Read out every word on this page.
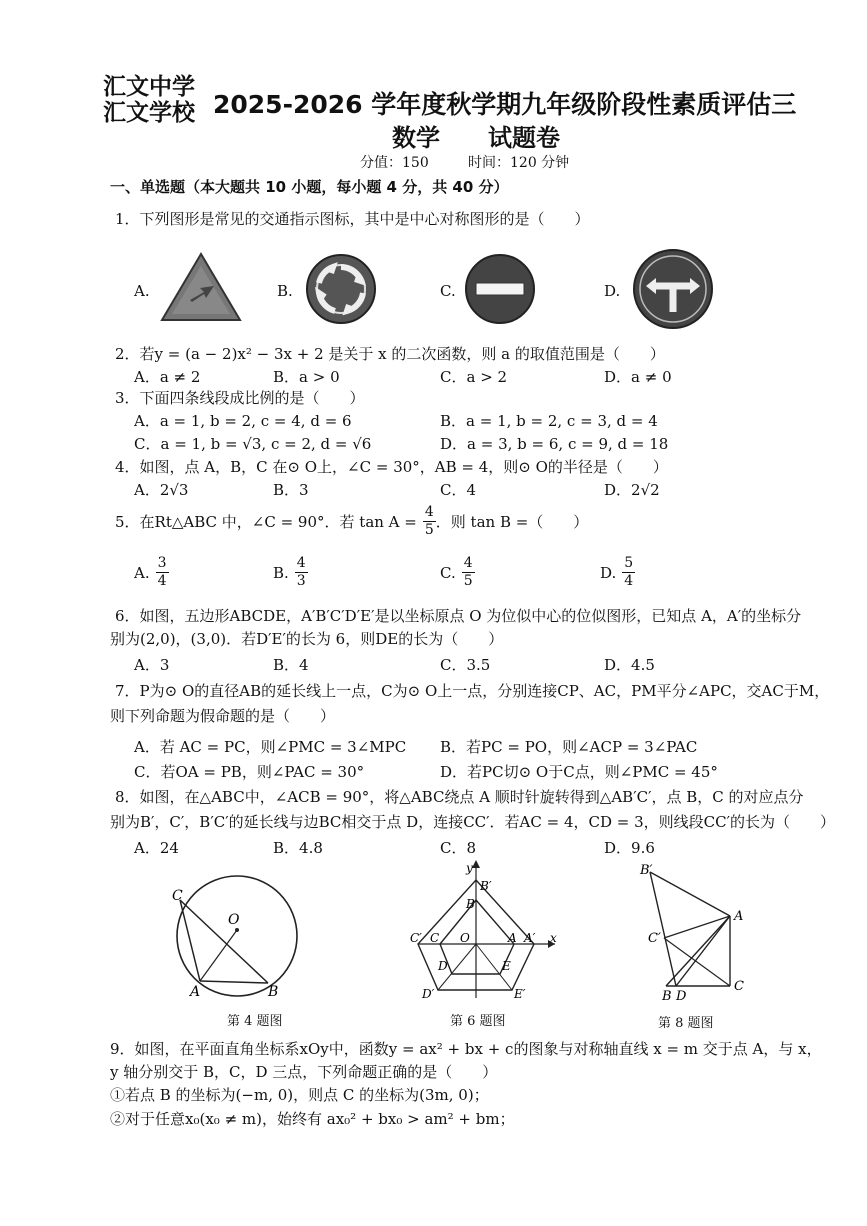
汇文中学
汇文学校 2025-2026 学年度秋学期九年级阶段性素质评估三
数学 试题卷
分值：150	时间：120 分钟
一、单选题（本大题共 10 小题，每小题 4 分，共 40 分）
1．下列图形是常见的交通指示图标，其中是中心对称图形的是（　　）
A.	B.	C.	D.
2．若y = (a − 2)x² − 3x + 2 是关于 x 的二次函数，则 a 的取值范围是（　　）
A．a ≠ 2	B．a > 0	C．a > 2	D．a ≠ 0
3．下面四条线段成比例的是（　　）
A．a = 1, b = 2, c = 4, d = 6	B．a = 1, b = 2, c = 3, d = 4
C．a = 1, b = √3, c = 2, d = √6	D．a = 3, b = 6, c = 9, d = 18
4．如图，点 A，B，C 在⊙ O上，∠C = 30°，AB = 4，则⊙ O的半径是（　　）
A．2√3	B．3	C．4	D．2√2
5．在Rt△ABC 中，∠C = 90°．若 $\tan A = \frac{4}{5}$ ．则 tan B =（　　）
A. $\frac{3}{4}$	B. $\frac{4}{3}$	C. $\frac{4}{5}$	D. $\frac{5}{4}$
6．如图，五边形ABCDE，A′B′C′D′E′是以坐标原点 O 为位似中心的位似图形，已知点 A，A′的坐标分
别为(2,0)，(3,0)．若D′E′的长为 6，则DE的长为（　　）
A．3	B．4	C．3.5	D．4.5
7．P为⊙ O的直径AB的延长线上一点，C为⊙ O上一点，分别连接CP、AC，PM平分∠APC，交AC于M，
则下列命题为假命题的是（　　）
A．若 AC = PC，则∠PMC = 3∠MPC B．若PC = PO，则∠ACP = 3∠PAC
C．若OA = PB，则∠PAC = 30°	D．若PC切⊙ O于C点，则∠PMC = 45°
8．如图，在△ABC中，∠ACB = 90°，将△ABC绕点 A 顺时针旋转得到△AB′C′，点 B，C 的对应点分
别为B′，C′，B′C′的延长线与边BC相交于点 D，连接CC′．若AC = 4，CD = 3，则线段CC′的长为（　　）
A．24	B．4.8	C．8	D．9.6
C
O
A	B
第 4 题图
y
x
B′
B
C′ C O	A A′
D	E
D′	E′
第 6 题图
B′
A
C′
B D
C
第 8 题图
9．如图，在平面直角坐标系xOy中，函数y = ax² + bx + c的图象与对称轴直线 x = m 交于点 A，与 x，
y 轴分别交于 B，C，D 三点，下列命题正确的是（　　）
①若点 B 的坐标为(−m, 0)，则点 C 的坐标为(3m, 0)；
②对于任意x₀(x₀ ≠ m)，始终有 ax₀² + bx₀ > am² + bm；
